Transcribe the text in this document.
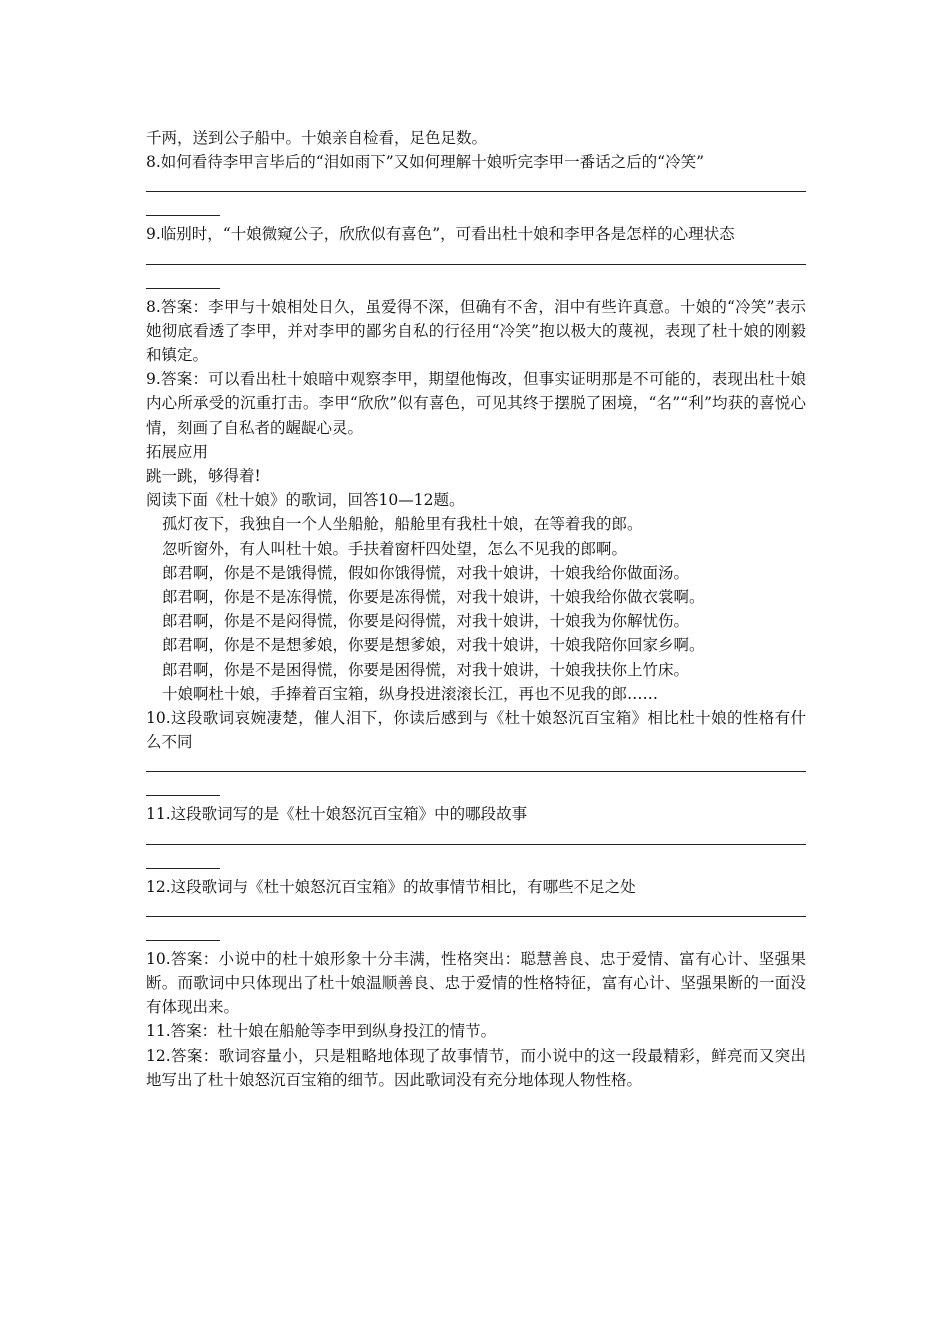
千两，送到公子船中。十娘亲自检看，足色足数。
8.如何看待李甲言毕后的“泪如雨下”又如何理解十娘听完李甲一番话之后的“冷笑”
9.临别时，“十娘微窥公子，欣欣似有喜色”，可看出杜十娘和李甲各是怎样的心理状态
8.答案：李甲与十娘相处日久，虽爱得不深，但确有不舍，泪中有些许真意。十娘的“冷笑”表示她彻底看透了李甲，并对李甲的鄙劣自私的行径用“冷笑”抱以极大的蔑视，表现了杜十娘的刚毅和镇定。
9.答案：可以看出杜十娘暗中观察李甲，期望他悔改，但事实证明那是不可能的，表现出杜十娘内心所承受的沉重打击。李甲“欣欣”似有喜色，可见其终于摆脱了困境，“名”“利”均获的喜悦心情，刻画了自私者的龌龊心灵。
拓展应用
跳一跳，够得着!
阅读下面《杜十娘》的歌词，回答10—12题。
孤灯夜下，我独自一个人坐船舱，船舱里有我杜十娘，在等着我的郎。
忽听窗外，有人叫杜十娘。手扶着窗杆四处望，怎么不见我的郎啊。
郎君啊，你是不是饿得慌，假如你饿得慌，对我十娘讲，十娘我给你做面汤。
郎君啊，你是不是冻得慌，你要是冻得慌，对我十娘讲，十娘我给你做衣裳啊。
郎君啊，你是不是闷得慌，你要是闷得慌，对我十娘讲，十娘我为你解忧伤。
郎君啊，你是不是想爹娘，你要是想爹娘，对我十娘讲，十娘我陪你回家乡啊。
郎君啊，你是不是困得慌，你要是困得慌，对我十娘讲，十娘我扶你上竹床。
十娘啊杜十娘，手捧着百宝箱，纵身投进滚滚长江，再也不见我的郎……
10.这段歌词哀婉凄楚，催人泪下，你读后感到与《杜十娘怒沉百宝箱》相比杜十娘的性格有什么不同
11.这段歌词写的是《杜十娘怒沉百宝箱》中的哪段故事
12.这段歌词与《杜十娘怒沉百宝箱》的故事情节相比，有哪些不足之处
10.答案：小说中的杜十娘形象十分丰满，性格突出：聪慧善良、忠于爱情、富有心计、坚强果断。而歌词中只体现出了杜十娘温顺善良、忠于爱情的性格特征，富有心计、坚强果断的一面没有体现出来。
11.答案：杜十娘在船舱等李甲到纵身投江的情节。
12.答案：歌词容量小，只是粗略地体现了故事情节，而小说中的这一段最精彩，鲜亮而又突出地写出了杜十娘怒沉百宝箱的细节。因此歌词没有充分地体现人物性格。
